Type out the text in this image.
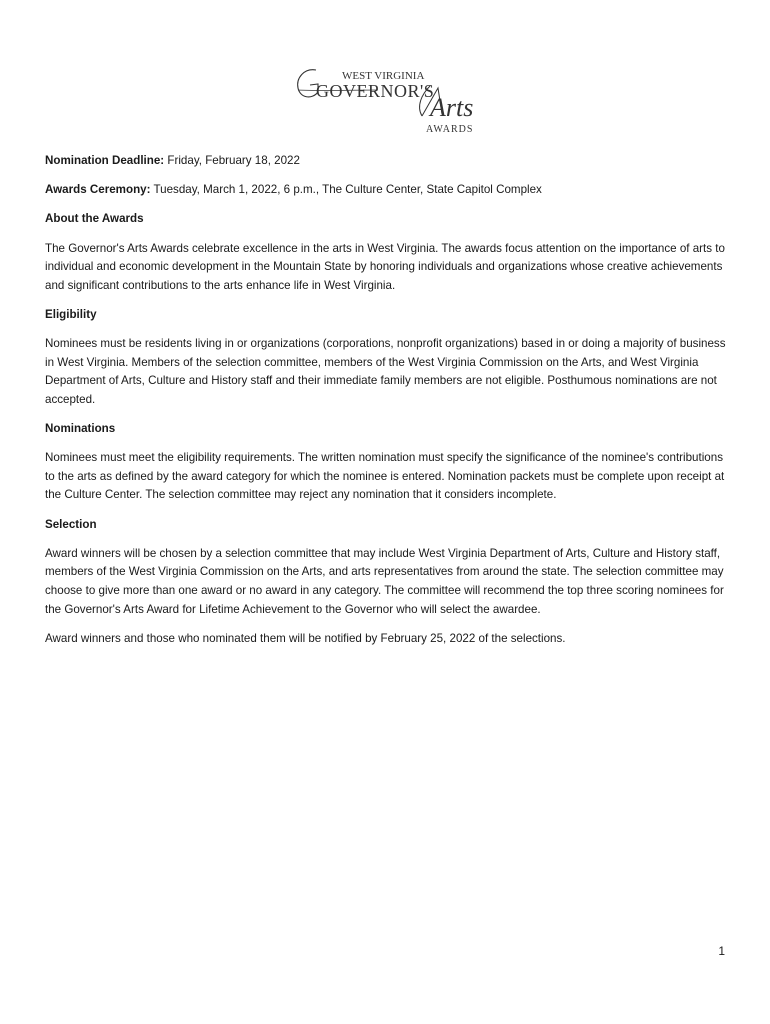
WEST VIRGINIA
GOVERNOR'S
Arts
AWARDS

Nomination Deadline: Friday, February 18, 2022

Awards Ceremony: Tuesday, March 1, 2022, 6 p.m., The Culture Center, State Capitol Complex

About the Awards

The Governor's Arts Awards celebrate excellence in the arts in West Virginia. The awards focus attention on the importance of arts to individual and economic development in the Mountain State by honoring individuals and organizations whose creative achievements and significant contributions to the arts enhance life in West Virginia.

Eligibility

Nominees must be residents living in or organizations (corporations, nonprofit organizations) based in or doing a majority of business in West Virginia. Members of the selection committee, members of the West Virginia Commission on the Arts, and West Virginia Department of Arts, Culture and History staff and their immediate family members are not eligible. Posthumous nominations are not accepted.

Nominations

Nominees must meet the eligibility requirements. The written nomination must specify the significance of the nominee's contributions to the arts as defined by the award category for which the nominee is entered. Nomination packets must be complete upon receipt at the Culture Center. The selection committee may reject any nomination that it considers incomplete.

Selection

Award winners will be chosen by a selection committee that may include West Virginia Department of Arts, Culture and History staff, members of the West Virginia Commission on the Arts, and arts representatives from around the state. The selection committee may choose to give more than one award or no award in any category. The committee will recommend the top three scoring nominees for the Governor's Arts Award for Lifetime Achievement to the Governor who will select the awardee.

Award winners and those who nominated them will be notified by February 25, 2022 of the selections.

1
